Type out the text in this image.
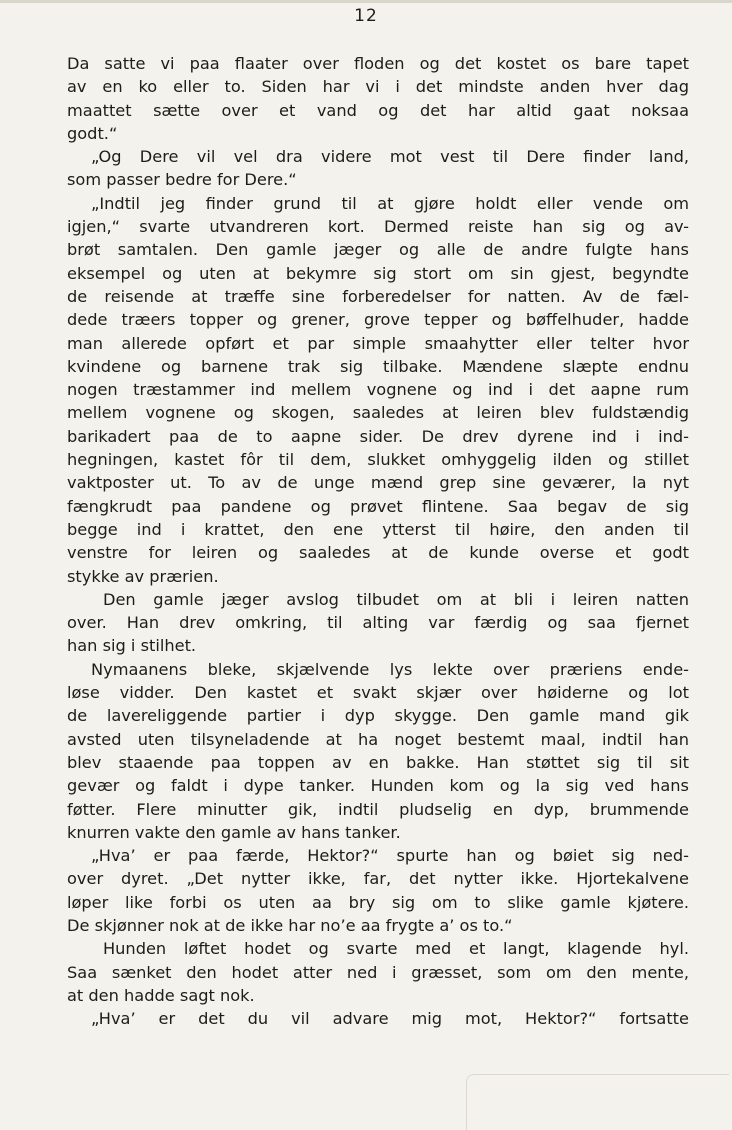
12
Da satte vi paa flaater over floden og det kostet os bare tapet
av en ko eller to. Siden har vi i det mindste anden hver dag
maattet sætte over et vand og det har altid gaat noksaa
godt.“
„Og Dere vil vel dra videre mot vest til Dere finder land,
som passer bedre for Dere.“
„Indtil jeg finder grund til at gjøre holdt eller vende om
igjen,“ svarte utvandreren kort. Dermed reiste han sig og av-
brøt samtalen. Den gamle jæger og alle de andre fulgte hans
eksempel og uten at bekymre sig stort om sin gjest, begyndte
de reisende at træffe sine forberedelser for natten. Av de fæl-
dede træers topper og grener, grove tepper og bøffelhuder, hadde
man allerede opført et par simple smaahytter eller telter hvor
kvindene og barnene trak sig tilbake. Mændene slæpte endnu
nogen træstammer ind mellem vognene og ind i det aapne rum
mellem vognene og skogen, saaledes at leiren blev fuldstændig
barikadert paa de to aapne sider. De drev dyrene ind i ind-
hegningen, kastet fôr til dem, slukket omhyggelig ilden og stillet
vaktposter ut. To av de unge mænd grep sine geværer, la nyt
fængkrudt paa pandene og prøvet flintene. Saa begav de sig
begge ind i krattet, den ene ytterst til høire, den anden til
venstre for leiren og saaledes at de kunde overse et godt
stykke av prærien.
Den gamle jæger avslog tilbudet om at bli i leiren natten
over. Han drev omkring, til alting var færdig og saa fjernet
han sig i stilhet.
Nymaanens bleke, skjælvende lys lekte over præriens ende-
løse vidder. Den kastet et svakt skjær over høiderne og lot
de lavereliggende partier i dyp skygge. Den gamle mand gik
avsted uten tilsyneladende at ha noget bestemt maal, indtil han
blev staaende paa toppen av en bakke. Han støttet sig til sit
gevær og faldt i dype tanker. Hunden kom og la sig ved hans
føtter. Flere minutter gik, indtil pludselig en dyp, brummende
knurren vakte den gamle av hans tanker.
„Hva’ er paa færde, Hektor?“ spurte han og bøiet sig ned-
over dyret. „Det nytter ikke, far, det nytter ikke. Hjortekalvene
løper like forbi os uten aa bry sig om to slike gamle kjøtere.
De skjønner nok at de ikke har no’e aa frygte a’ os to.“
Hunden løftet hodet og svarte med et langt, klagende hyl.
Saa sænket den hodet atter ned i græsset, som om den mente,
at den hadde sagt nok.
„Hva’ er det du vil advare mig mot, Hektor?“ fortsatte
